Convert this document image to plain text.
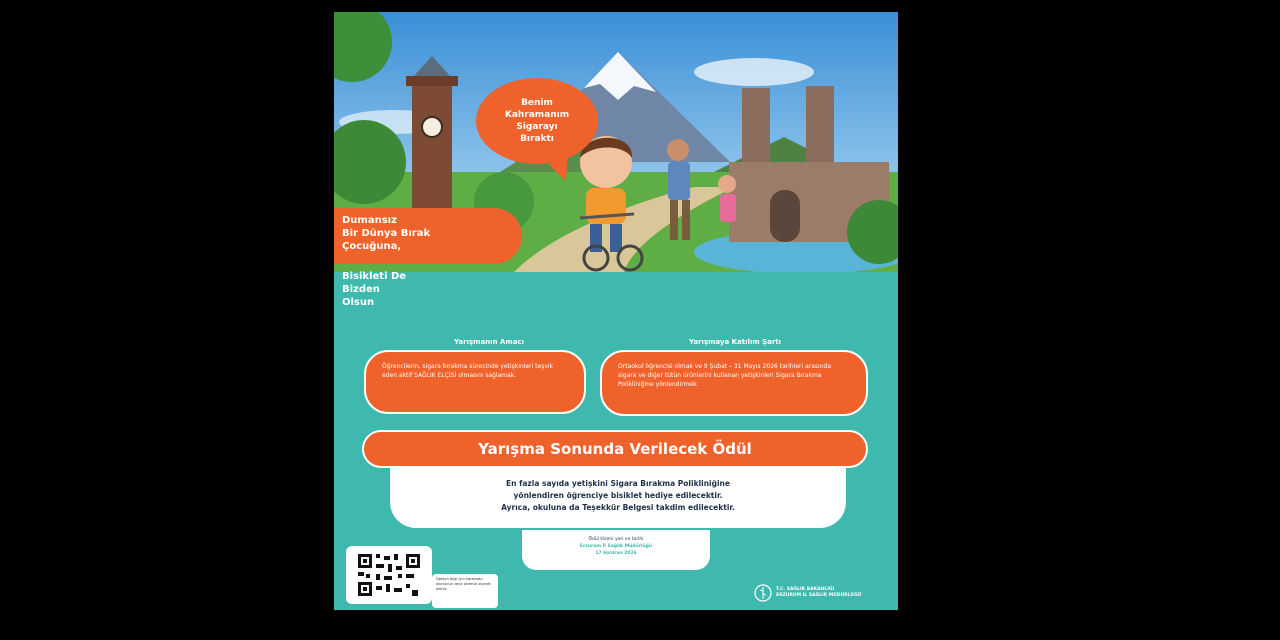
Benim
Kahramanım
Sigarayı
Bıraktı
Dumansız
Bir Dünya Bırak
Çocuğuna,
Bisikleti De
Bizden
Olsun
Yarışmanın Amacı
Öğrencilerin, sigara bırakma sürecinde yetişkinleri teşvik eden aktif SAĞLIK ELÇİSİ olmasını sağlamak.
Yarışmaya Katılım Şartı
Ortaokul öğrencisi olmak ve 9 Şubat – 31 Mayıs 2026 tarihleri arasında sigara ve diğer tütün ürünlerini kullanan yetişkinleri Sigara Bırakma Polikliniğine yönlendirmek.
Yarışma Sonunda Verilecek Ödül
En fazla sayıda yetişkini Sigara Bırakma Polikliniğine
yönlendiren öğrenciye bisiklet hediye edilecektir.
Ayrıca, okuluna da Teşekkür Belgesi takdim edilecektir.
Ödül töreni yeri ve tarihi
Erzurum İl Sağlık Müdürlüğü
17 Haziran 2026
Detaylı bilgi için karekodu okutunuz veya sitemizi ziyaret ediniz	T.C. SAĞLIK BAKANLIĞI
ERZURUM İL SAĞLIK MÜDÜRLÜĞÜ
